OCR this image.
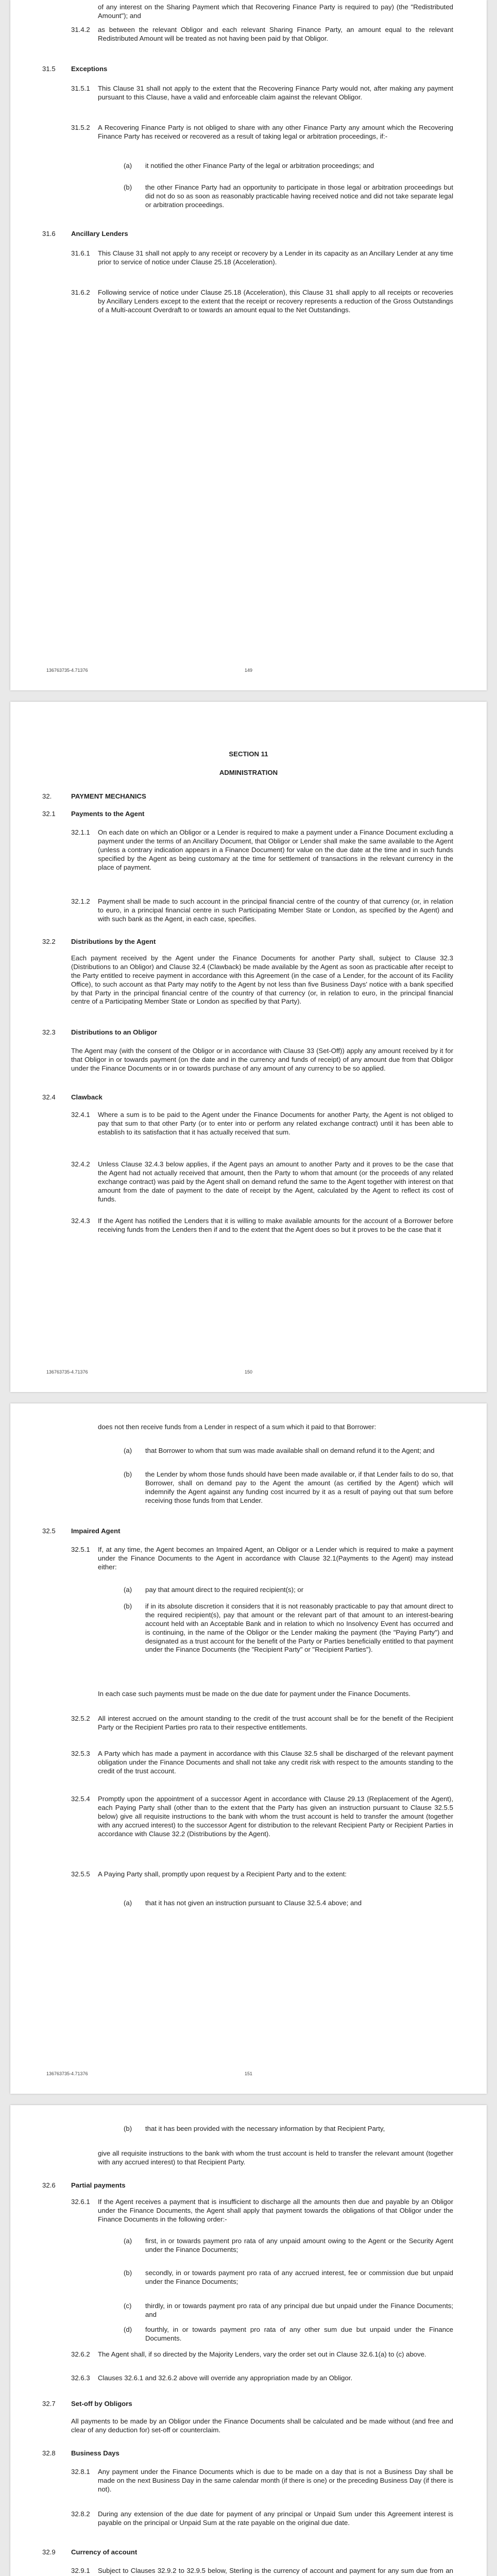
of any interest on the Sharing Payment which that Recovering Finance Party is required to pay) (the "Redistributed Amount"); and
31.4.2 as between the relevant Obligor and each relevant Sharing Finance Party, an amount equal to the relevant Redistributed Amount will be treated as not having been paid by that Obligor.
31.5 Exceptions
31.5.1 This Clause 31 shall not apply to the extent that the Recovering Finance Party would not, after making any payment pursuant to this Clause, have a valid and enforceable claim against the relevant Obligor.
31.5.2 A Recovering Finance Party is not obliged to share with any other Finance Party any amount which the Recovering Finance Party has received or recovered as a result of taking legal or arbitration proceedings, if:-
(a) it notified the other Finance Party of the legal or arbitration proceedings; and
(b) the other Finance Party had an opportunity to participate in those legal or arbitration proceedings but did not do so as soon as reasonably practicable having received notice and did not take separate legal or arbitration proceedings.
31.6 Ancillary Lenders
31.6.1 This Clause 31 shall not apply to any receipt or recovery by a Lender in its capacity as an Ancillary Lender at any time prior to service of notice under Clause 25.18 (Acceleration).
31.6.2 Following service of notice under Clause 25.18 (Acceleration), this Clause 31 shall apply to all receipts or recoveries by Ancillary Lenders except to the extent that the receipt or recovery represents a reduction of the Gross Outstandings of a Multi-account Overdraft to or towards an amount equal to the Net Outstandings.
136763735-4.71376	149
SECTION 11
ADMINISTRATION
32.	PAYMENT MECHANICS
32.1 Payments to the Agent
32.1.1 On each date on which an Obligor or a Lender is required to make a payment under a Finance Document excluding a payment under the terms of an Ancillary Document, that Obligor or Lender shall make the same available to the Agent (unless a contrary indication appears in a Finance Document) for value on the due date at the time and in such funds specified by the Agent as being customary at the time for settlement of transactions in the relevant currency in the place of payment.
32.1.2 Payment shall be made to such account in the principal financial centre of the country of that currency (or, in relation to euro, in a principal financial centre in such Participating Member State or London, as specified by the Agent) and with such bank as the Agent, in each case, specifies.
32.2 Distributions by the Agent
Each payment received by the Agent under the Finance Documents for another Party shall, subject to Clause 32.3 (Distributions to an Obligor) and Clause 32.4 (Clawback) be made available by the Agent as soon as practicable after receipt to the Party entitled to receive payment in accordance with this Agreement (in the case of a Lender, for the account of its Facility Office), to such account as that Party may notify to the Agent by not less than five Business Days' notice with a bank specified by that Party in the principal financial centre of the country of that currency (or, in relation to euro, in the principal financial centre of a Participating Member State or London as specified by that Party).
32.3 Distributions to an Obligor
The Agent may (with the consent of the Obligor or in accordance with Clause 33 (Set-Off)) apply any amount received by it for that Obligor in or towards payment (on the date and in the currency and funds of receipt) of any amount due from that Obligor under the Finance Documents or in or towards purchase of any amount of any currency to be so applied.
32.4 Clawback
32.4.1 Where a sum is to be paid to the Agent under the Finance Documents for another Party, the Agent is not obliged to pay that sum to that other Party (or to enter into or perform any related exchange contract) until it has been able to establish to its satisfaction that it has actually received that sum.
32.4.2 Unless Clause 32.4.3 below applies, if the Agent pays an amount to another Party and it proves to be the case that the Agent had not actually received that amount, then the Party to whom that amount (or the proceeds of any related exchange contract) was paid by the Agent shall on demand refund the same to the Agent together with interest on that amount from the date of payment to the date of receipt by the Agent, calculated by the Agent to reflect its cost of funds.
32.4.3 If the Agent has notified the Lenders that it is willing to make available amounts for the account of a Borrower before receiving funds from the Lenders then if and to the extent that the Agent does so but it proves to be the case that it
136763735-4.71376	150
does not then receive funds from a Lender in respect of a sum which it paid to that Borrower:
(a) that Borrower to whom that sum was made available shall on demand refund it to the Agent; and
(b) the Lender by whom those funds should have been made available or, if that Lender fails to do so, that Borrower, shall on demand pay to the Agent the amount (as certified by the Agent) which will indemnify the Agent against any funding cost incurred by it as a result of paying out that sum before receiving those funds from that Lender.
32.5 Impaired Agent
32.5.1 If, at any time, the Agent becomes an Impaired Agent, an Obligor or a Lender which is required to make a payment under the Finance Documents to the Agent in accordance with Clause 32.1(Payments to the Agent) may instead either:
(a) pay that amount direct to the required recipient(s); or
(b) if in its absolute discretion it considers that it is not reasonably practicable to pay that amount direct to the required recipient(s), pay that amount or the relevant part of that amount to an interest-bearing account held with an Acceptable Bank and in relation to which no Insolvency Event has occurred and is continuing, in the name of the Obligor or the Lender making the payment (the "Paying Party") and designated as a trust account for the benefit of the Party or Parties beneficially entitled to that payment under the Finance Documents (the "Recipient Party" or "Recipient Parties").
In each case such payments must be made on the due date for payment under the Finance Documents.
32.5.2 All interest accrued on the amount standing to the credit of the trust account shall be for the benefit of the Recipient Party or the Recipient Parties pro rata to their respective entitlements.
32.5.3 A Party which has made a payment in accordance with this Clause 32.5 shall be discharged of the relevant payment obligation under the Finance Documents and shall not take any credit risk with respect to the amounts standing to the credit of the trust account.
32.5.4 Promptly upon the appointment of a successor Agent in accordance with Clause 29.13 (Replacement of the Agent), each Paying Party shall (other than to the extent that the Party has given an instruction pursuant to Clause 32.5.5 below) give all requisite instructions to the bank with whom the trust account is held to transfer the amount (together with any accrued interest) to the successor Agent for distribution to the relevant Recipient Party or Recipient Parties in accordance with Clause 32.2 (Distributions by the Agent).
32.5.5 A Paying Party shall, promptly upon request by a Recipient Party and to the extent:
(a) that it has not given an instruction pursuant to Clause 32.5.4 above; and
136763735-4.71376	151
(b) that it has been provided with the necessary information by that Recipient Party,
give all requisite instructions to the bank with whom the trust account is held to transfer the relevant amount (together with any accrued interest) to that Recipient Party.
32.6 Partial payments
32.6.1 If the Agent receives a payment that is insufficient to discharge all the amounts then due and payable by an Obligor under the Finance Documents, the Agent shall apply that payment towards the obligations of that Obligor under the Finance Documents in the following order:-
(a) first, in or towards payment pro rata of any unpaid amount owing to the Agent or the Security Agent under the Finance Documents;
(b) secondly, in or towards payment pro rata of any accrued interest, fee or commission due but unpaid under the Finance Documents;
(c) thirdly, in or towards payment pro rata of any principal due but unpaid under the Finance Documents; and
(d) fourthly, in or towards payment pro rata of any other sum due but unpaid under the Finance Documents.
32.6.2 The Agent shall, if so directed by the Majority Lenders, vary the order set out in Clause 32.6.1(a) to (c) above.
32.6.3 Clauses 32.6.1 and 32.6.2 above will override any appropriation made by an Obligor.
32.7 Set-off by Obligors
All payments to be made by an Obligor under the Finance Documents shall be calculated and be made without (and free and clear of any deduction for) set-off or counterclaim.
32.8 Business Days
32.8.1 Any payment under the Finance Documents which is due to be made on a day that is not a Business Day shall be made on the next Business Day in the same calendar month (if there is one) or the preceding Business Day (if there is not).
32.8.2 During any extension of the due date for payment of any principal or Unpaid Sum under this Agreement interest is payable on the principal or Unpaid Sum at the rate payable on the original due date.
32.9 Currency of account
32.9.1 Subject to Clauses 32.9.2 to 32.9.5 below, Sterling is the currency of account and payment for any sum due from an
